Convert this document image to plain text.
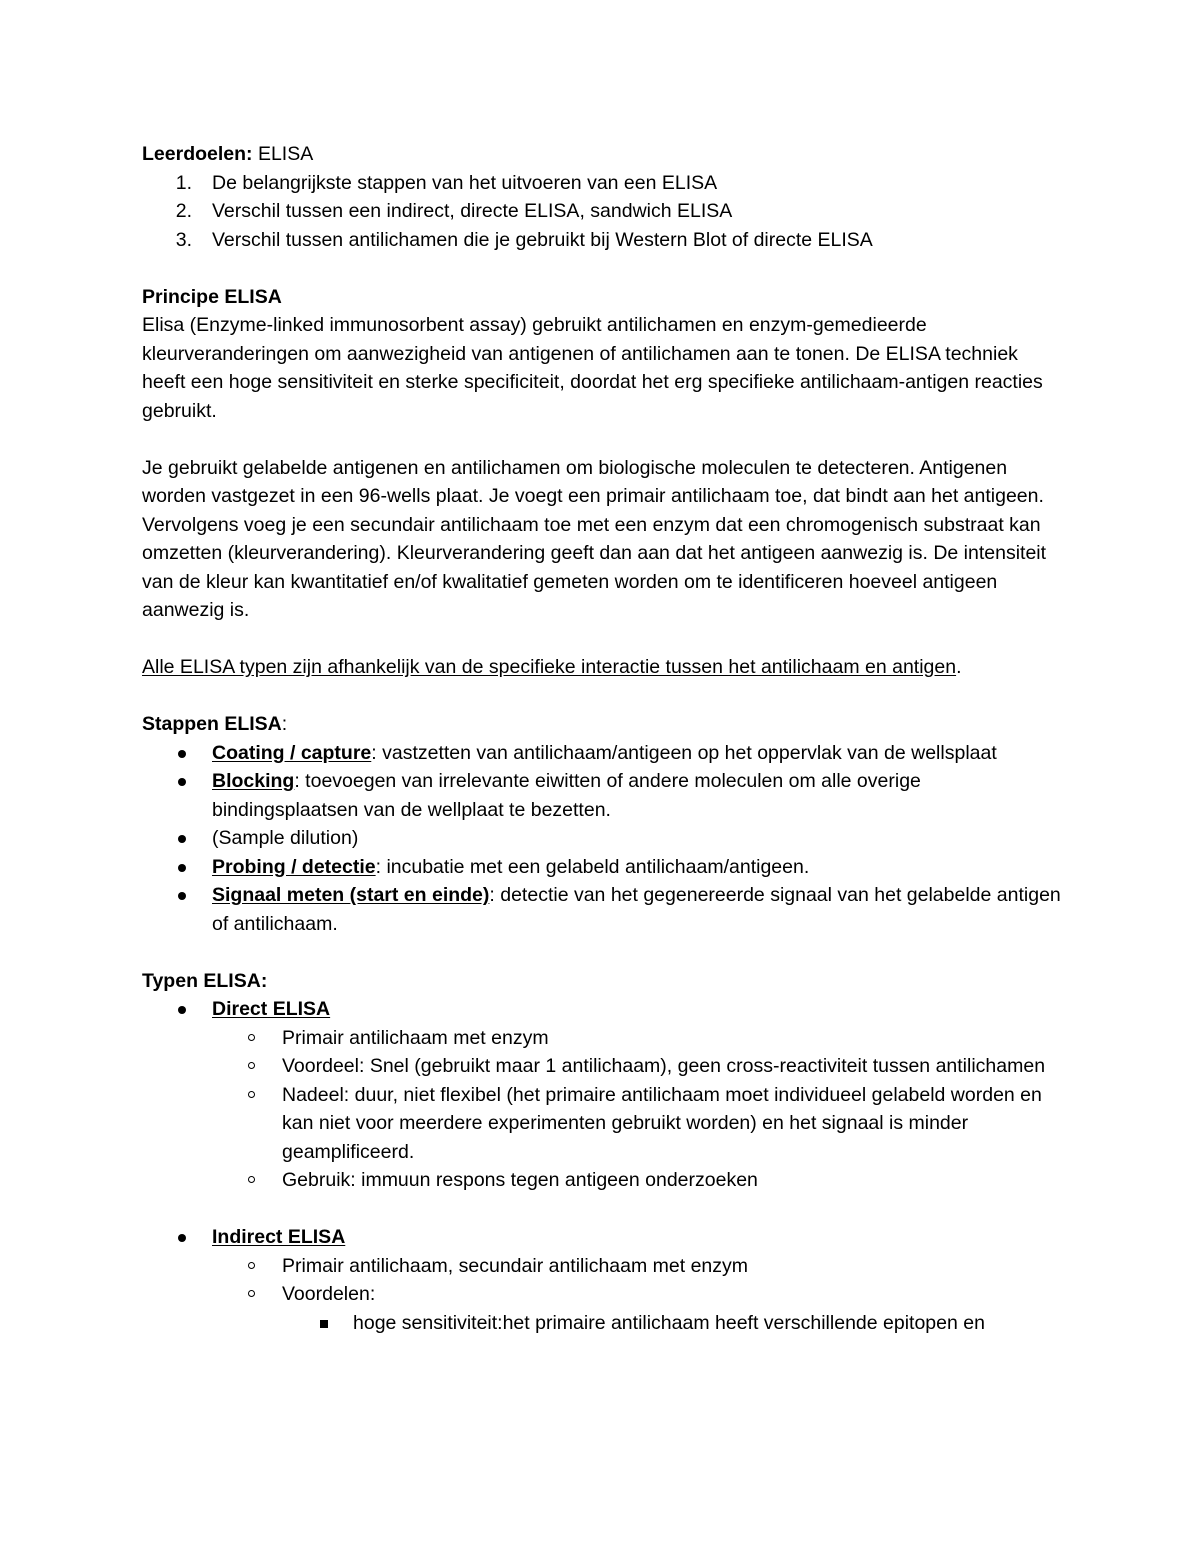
Leerdoelen: ELISA

1. De belangrijkste stappen van het uitvoeren van een ELISA
2. Verschil tussen een indirect, directe ELISA, sandwich ELISA
3. Verschil tussen antilichamen die je gebruikt bij Western Blot of directe ELISA

Principe ELISA

Elisa (Enzyme-linked immunosorbent assay) gebruikt antilichamen en enzym-gemedieerde kleurveranderingen om aanwezigheid van antigenen of antilichamen aan te tonen. De ELISA techniek heeft een hoge sensitiviteit en sterke specificiteit, doordat het erg specifieke antilichaam-antigen reacties gebruikt.

Je gebruikt gelabelde antigenen en antilichamen om biologische moleculen te detecteren. Antigenen worden vastgezet in een 96-wells plaat. Je voegt een primair antilichaam toe, dat bindt aan het antigeen. Vervolgens voeg je een secundair antilichaam toe met een enzym dat een chromogenisch substraat kan omzetten (kleurverandering). Kleurverandering geeft dan aan dat het antigeen aanwezig is. De intensiteit van de kleur kan kwantitatief en/of kwalitatief gemeten worden om te identificeren hoeveel antigeen aanwezig is.

Alle ELISA typen zijn afhankelijk van de specifieke interactie tussen het antilichaam en antigen.

Stappen ELISA:

Coating / capture: vastzetten van antilichaam/antigeen op het oppervlak van de wellsplaat
Blocking: toevoegen van irrelevante eiwitten of andere moleculen om alle overige bindingsplaatsen van de wellplaat te bezetten.
(Sample dilution)
Probing / detectie: incubatie met een gelabeld antilichaam/antigeen.
Signaal meten (start en einde): detectie van het gegenereerde signaal van het gelabelde antigen of antilichaam.

Typen ELISA:

Direct ELISA
Primair antilichaam met enzym
Voordeel: Snel (gebruikt maar 1 antilichaam), geen cross-reactiviteit tussen antilichamen
Nadeel: duur, niet flexibel (het primaire antilichaam moet individueel gelabeld worden en kan niet voor meerdere experimenten gebruikt worden) en het signaal is minder geamplificeerd.
Gebruik: immuun respons tegen antigeen onderzoeken
Indirect ELISA
Primair antilichaam, secundair antilichaam met enzym
Voordelen:
hoge sensitiviteit:het primaire antilichaam heeft verschillende epitopen en
